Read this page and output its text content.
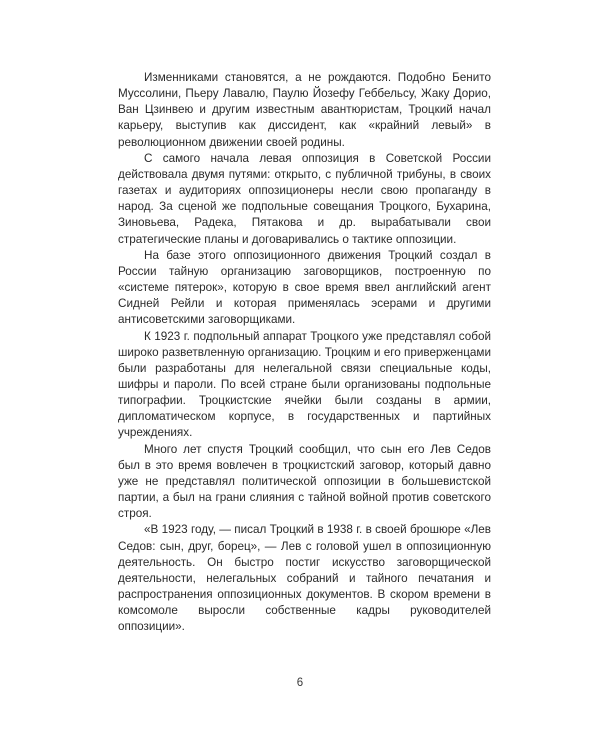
Изменниками становятся, а не рождаются. Подобно Бенито Муссолини, Пьеру Лавалю, Паулю Йозефу Геббельсу, Жаку Дорио, Ван Цзинвею и другим известным авантюристам, Троцкий начал карьеру, выступив как диссидент, как «крайний левый» в революционном движении своей родины.

С самого начала левая оппозиция в Советской России действовала двумя путями: открыто, с публичной трибуны, в своих газетах и аудиториях оппозиционеры несли свою пропаганду в народ. За сценой же подпольные совещания Троцкого, Бухарина, Зиновьева, Радека, Пятакова и др. вырабатывали свои стратегические планы и договаривались о тактике оппозиции.

На базе этого оппозиционного движения Троцкий создал в России тайную организацию заговорщиков, построенную по «системе пятерок», которую в свое время ввел английский агент Сидней Рейли и которая применялась эсерами и другими антисоветскими заговорщиками.

К 1923 г. подпольный аппарат Троцкого уже представлял собой широко разветвленную организацию. Троцким и его приверженцами были разработаны для нелегальной связи специальные коды, шифры и пароли. По всей стране были организованы подпольные типографии. Троцкистские ячейки были созданы в армии, дипломатическом корпусе, в государственных и партийных учреждениях.

Много лет спустя Троцкий сообщил, что сын его Лев Седов был в это время вовлечен в троцкистский заговор, который давно уже не представлял политической оппозиции в большевистской партии, а был на грани слияния с тайной войной против советского строя.

«В 1923 году, — писал Троцкий в 1938 г. в своей брошюре «Лев Седов: сын, друг, борец», — Лев с головой ушел в оппозиционную деятельность. Он быстро постиг искусство заговорщической деятельности, нелегальных собраний и тайного печатания и распространения оппозиционных документов. В скором времени в комсомоле выросли собственные кадры руководителей оппозиции».

6
